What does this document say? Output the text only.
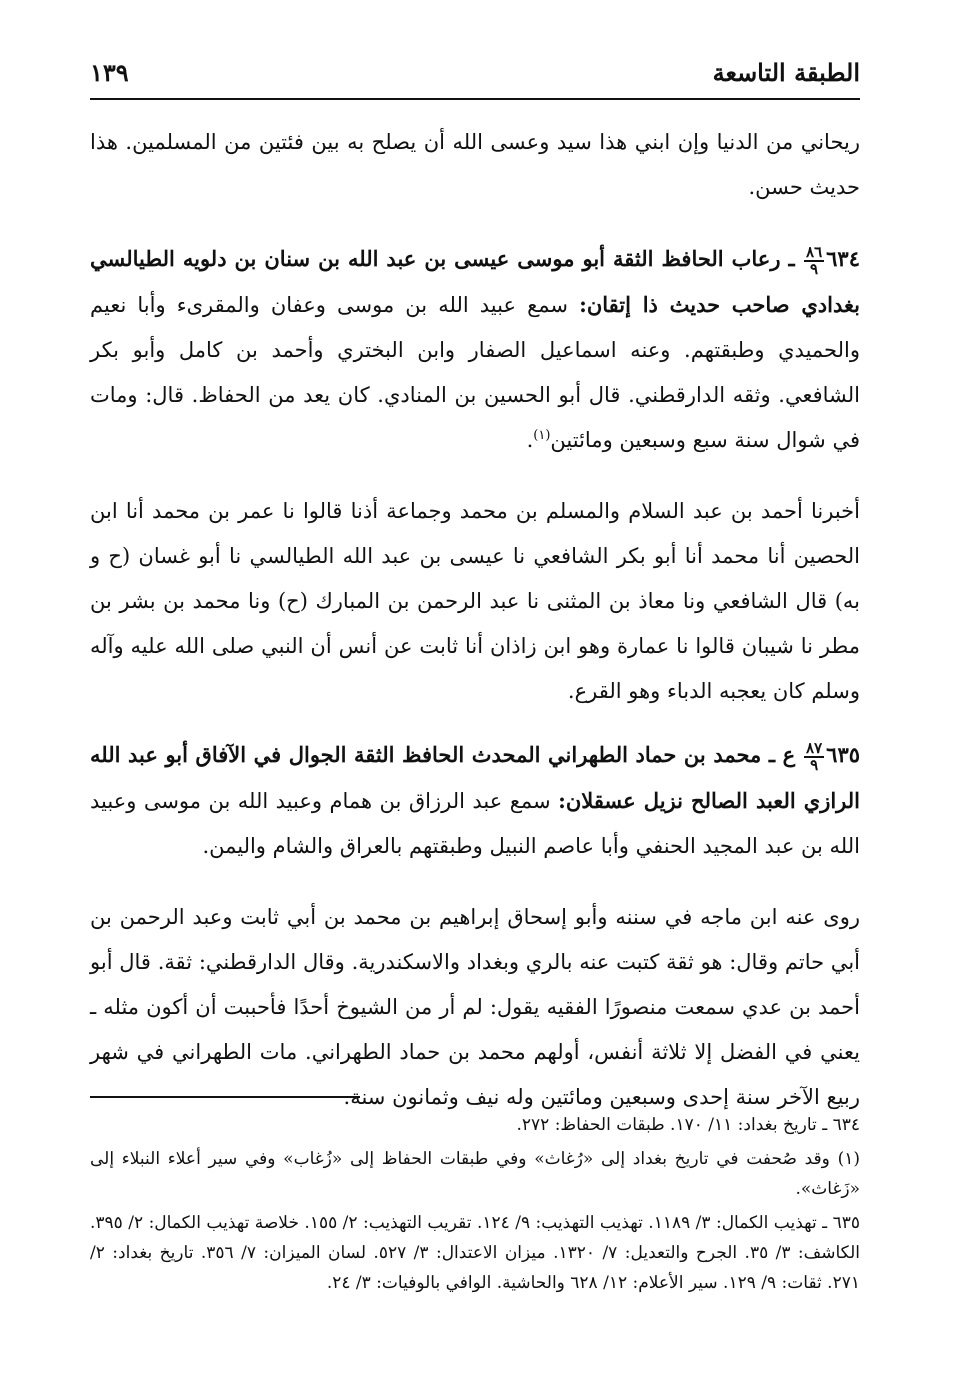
الطبقة التاسعة
١٣٩

ريحاني من الدنيا وإن ابني هذا سيد وعسى الله أن يصلح به بين فئتين من المسلمين. هذا حديث حسن.

٦٣٤
$\frac{٨٦}{٩}$
ـ رعاب الحافظ الثقة أبو موسى عيسى بن عبد الله بن سنان بن دلويه الطيالسي بغدادي صاحب حديث ذا إتقان: سمع عبيد الله بن موسى وعفان والمقرىء وأبا نعيم والحميدي وطبقتهم. وعنه اسماعيل الصفار وابن البختري وأحمد بن كامل وأبو بكر الشافعي. وثقه الدارقطني. قال أبو الحسين بن المنادي. كان يعد من الحفاظ. قال: ومات في شوال سنة سبع وسبعين ومائتين$^{(١)}$.

أخبرنا أحمد بن عبد السلام والمسلم بن محمد وجماعة أذنا قالوا نا عمر بن محمد أنا ابن الحصين أنا محمد أنا أبو بكر الشافعي نا عيسى بن عبد الله الطيالسي نا أبو غسان (ح و به) قال الشافعي ونا معاذ بن المثنى نا عبد الرحمن بن المبارك (ح) ونا محمد بن بشر بن مطر نا شيبان قالوا نا عمارة وهو ابن زاذان أنا ثابت عن أنس أن النبي صلى الله عليه وآله وسلم كان يعجبه الدباء وهو القرع.

٦٣٥
$\frac{٨٧}{٩}$
ع ـ محمد بن حماد الطهراني المحدث الحافظ الثقة الجوال في الآفاق أبو عبد الله الرازي العبد الصالح نزيل عسقلان: سمع عبد الرزاق بن همام وعبيد الله بن موسى وعبيد الله بن عبد المجيد الحنفي وأبا عاصم النبيل وطبقتهم بالعراق والشام واليمن.

روى عنه ابن ماجه في سننه وأبو إسحاق إبراهيم بن محمد بن أبي ثابت وعبد الرحمن بن أبي حاتم وقال: هو ثقة كتبت عنه بالري وبغداد والاسكندرية. وقال الدارقطني: ثقة. قال أبو أحمد بن عدي سمعت منصورًا الفقيه يقول: لم أر من الشيوخ أحدًا فأحببت أن أكون مثله ـ يعني في الفضل إلا ثلاثة أنفس، أولهم محمد بن حماد الطهراني. مات الطهراني في شهر ربيع الآخر سنة إحدى وسبعين ومائتين وله نيف وثمانون سنة.

٦٣٤ ـ تاريخ بغداد: ١١/ ١٧٠. طبقات الحفاظ: ٢٧٢.

(١) وقد صُحفت في تاريخ بغداد إلى «رُغاث» وفي طبقات الحفاظ إلى «زُغاب» وفي سير أعلاء النبلاء إلى «زَغاث».

٦٣٥ ـ تهذيب الكمال: ٣/ ١١٨٩. تهذيب التهذيب: ٩/ ١٢٤. تقريب التهذيب: ٢/ ١٥٥. خلاصة تهذيب الكمال: ٢/ ٣٩٥. الكاشف: ٣/ ٣٥. الجرح والتعديل: ٧/ ١٣٢٠. ميزان الاعتدال: ٣/ ٥٢٧. لسان الميزان: ٧/ ٣٥٦. تاريخ بغداد: ٢/ ٢٧١. ثقات: ٩/ ١٢٩. سير الأعلام: ١٢/ ٦٢٨ والحاشية. الوافي بالوفيات: ٣/ ٢٤.
